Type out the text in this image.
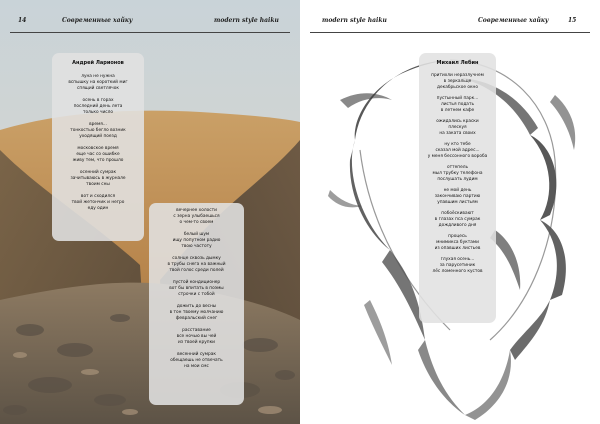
14	Современные хайку	modern style haiku
Андрей Ларионов
луна не нужна
вспышку на короткий миг
спящий светлячок
осень в горах
последний день лета
только число
время...
тонкостью бегло возник
уходящий поезд
московское время
еще час со ошибке
живу тем, что прошло
осенний сумрак
зачитываюсь в журнале
твоим сны
вот и сходился
твой жетончик и негро
еду один	вечернее холости
с зерна улыбаешься
о чем-то своем
белый шум
ищу попутном радио
твою частоту
солнце сквозь дымку
в трубы снега на важный
твой голос среди полей
пустой кондиционер
вот бы впитать в поэмы
строчки с тобой
дожить до весны
в тон твоему молчанию
февральский снег
расставание
все ночью вы чей
из твоей крупки
весенний сумрак
обещаешь не отвечать
на мои смс
modern style haiku	Современные хайку	15
Михаил Лебин
притихли неразлучнем
в зеркальце
декабрьское окно
пустынный парк...
листья подать
в летнем кафе
ожидались краски
плескуя
на заката своих
ну кто тебе
сказал мой адрес...
у меня бессонного вороба
оттепель
мыл трубку телефона
послушать лудим
не мой день
закончиваю партию
упавшим листьям
побоёскивают
в глазах пса сумрак
дождливого дня
процесь
мнимикса буктами
из опавших листьев
глухая осень...
за парусетиник
лёс ломенного кустов
